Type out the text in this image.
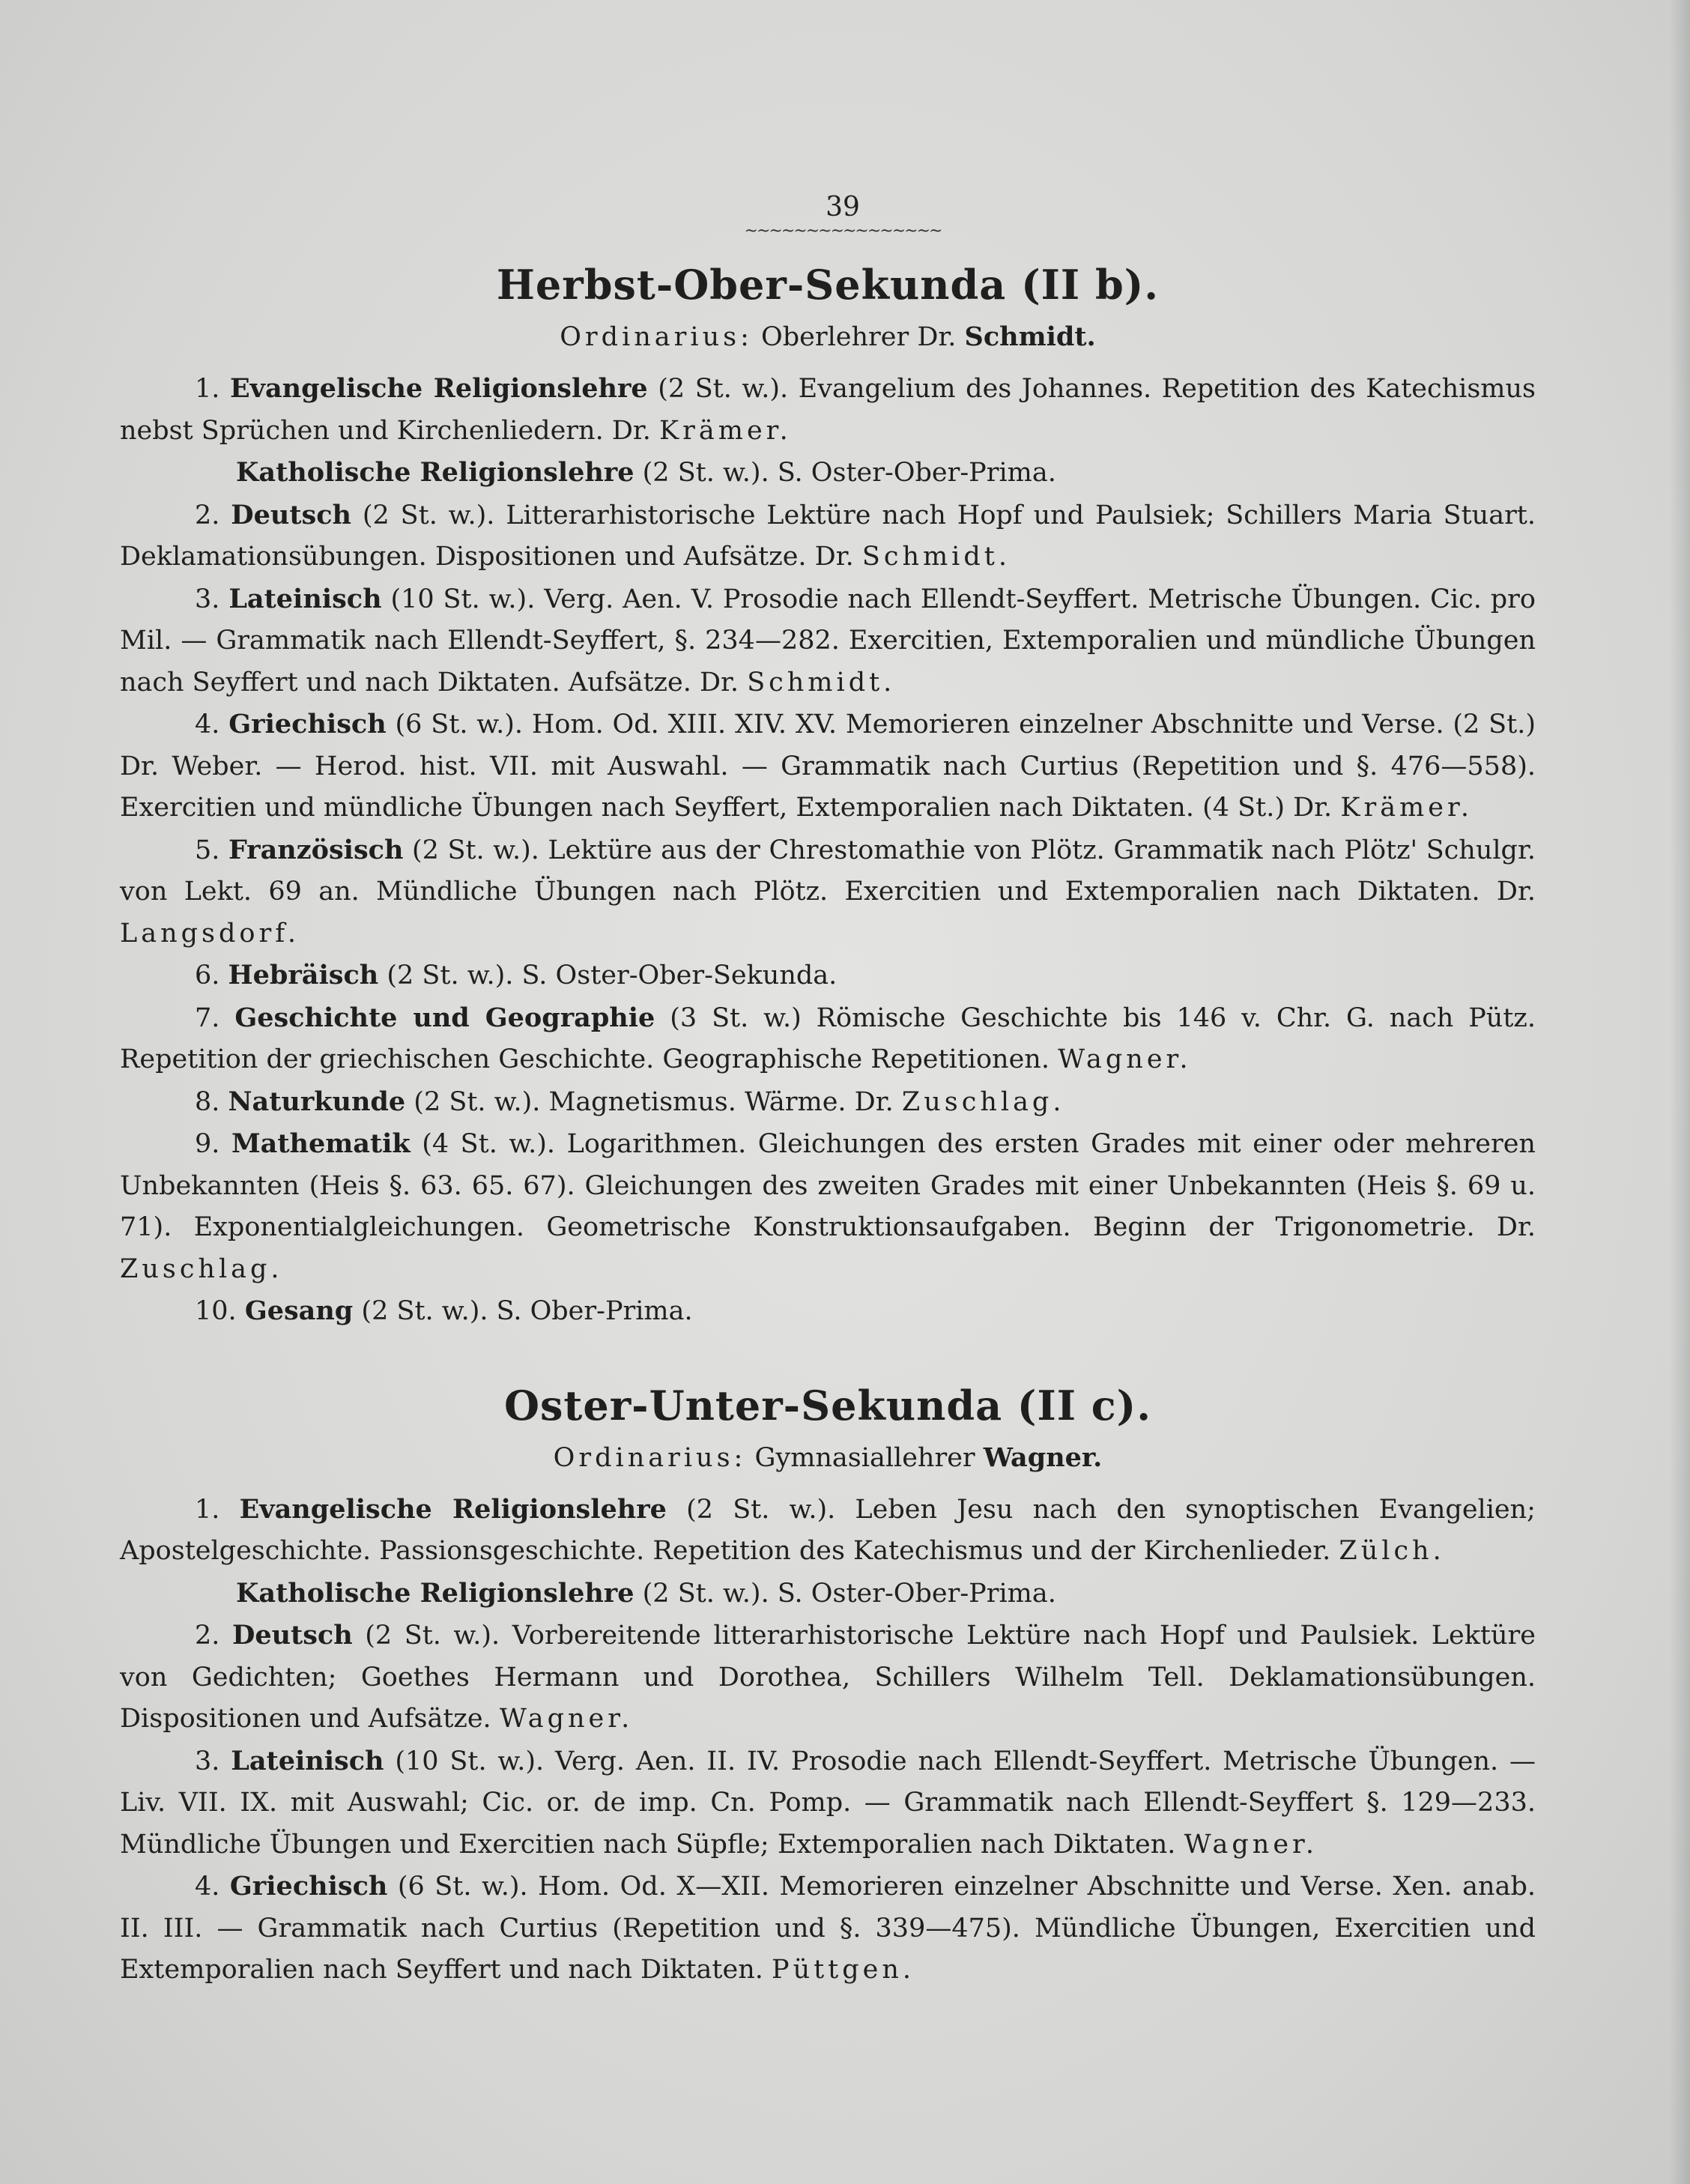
39

~~~~~~~~~~~~~~~~
Herbst-Ober-Sekunda (II b).

Ordinarius: Oberlehrer Dr. Schmidt.

1. Evangelische Religionslehre (2 St. w.). Evangelium des Johannes. Repetition des Katechismus nebst Sprüchen und Kirchenliedern. Dr. Krämer.

Katholische Religionslehre (2 St. w.). S. Oster-Ober-Prima.

2. Deutsch (2 St. w.). Litterarhistorische Lektüre nach Hopf und Paulsiek; Schillers Maria Stuart. Deklamationsübungen. Dispositionen und Aufsätze. Dr. Schmidt.

3. Lateinisch (10 St. w.). Verg. Aen. V. Prosodie nach Ellendt-Seyffert. Metrische Übungen. Cic. pro Mil. — Grammatik nach Ellendt-Seyffert, §. 234—282. Exercitien, Extemporalien und mündliche Übungen nach Seyffert und nach Diktaten. Aufsätze. Dr. Schmidt.

4. Griechisch (6 St. w.). Hom. Od. XIII. XIV. XV. Memorieren einzelner Abschnitte und Verse. (2 St.) Dr. Weber. — Herod. hist. VII. mit Auswahl. — Grammatik nach Curtius (Repetition und §. 476—558). Exercitien und mündliche Übungen nach Seyffert, Extemporalien nach Diktaten. (4 St.) Dr. Krämer.

5. Französisch (2 St. w.). Lektüre aus der Chrestomathie von Plötz. Grammatik nach Plötz' Schulgr. von Lekt. 69 an. Mündliche Übungen nach Plötz. Exercitien und Extemporalien nach Diktaten. Dr. Langsdorf.

6. Hebräisch (2 St. w.). S. Oster-Ober-Sekunda.

7. Geschichte und Geographie (3 St. w.) Römische Geschichte bis 146 v. Chr. G. nach Pütz. Repetition der griechischen Geschichte. Geographische Repetitionen. Wagner.

8. Naturkunde (2 St. w.). Magnetismus. Wärme. Dr. Zuschlag.

9. Mathematik (4 St. w.). Logarithmen. Gleichungen des ersten Grades mit einer oder mehreren Unbekannten (Heis §. 63. 65. 67). Gleichungen des zweiten Grades mit einer Unbekannten (Heis §. 69 u. 71). Exponentialgleichungen. Geometrische Konstruktionsaufgaben. Beginn der Trigonometrie. Dr. Zuschlag.

10. Gesang (2 St. w.). S. Ober-Prima.

Oster-Unter-Sekunda (II c).

Ordinarius: Gymnasiallehrer Wagner.

1. Evangelische Religionslehre (2 St. w.). Leben Jesu nach den synoptischen Evangelien; Apostelgeschichte. Passionsgeschichte. Repetition des Katechismus und der Kirchenlieder. Zülch.

Katholische Religionslehre (2 St. w.). S. Oster-Ober-Prima.

2. Deutsch (2 St. w.). Vorbereitende litterarhistorische Lektüre nach Hopf und Paulsiek. Lektüre von Gedichten; Goethes Hermann und Dorothea, Schillers Wilhelm Tell. Deklamationsübungen. Dispositionen und Aufsätze. Wagner.

3. Lateinisch (10 St. w.). Verg. Aen. II. IV. Prosodie nach Ellendt-Seyffert. Metrische Übungen. — Liv. VII. IX. mit Auswahl; Cic. or. de imp. Cn. Pomp. — Grammatik nach Ellendt-Seyffert §. 129—233. Mündliche Übungen und Exercitien nach Süpfle; Extemporalien nach Diktaten. Wagner.

4. Griechisch (6 St. w.). Hom. Od. X—XII. Memorieren einzelner Abschnitte und Verse. Xen. anab. II. III. — Grammatik nach Curtius (Repetition und §. 339—475). Mündliche Übungen, Exercitien und Extemporalien nach Seyffert und nach Diktaten. Püttgen.
